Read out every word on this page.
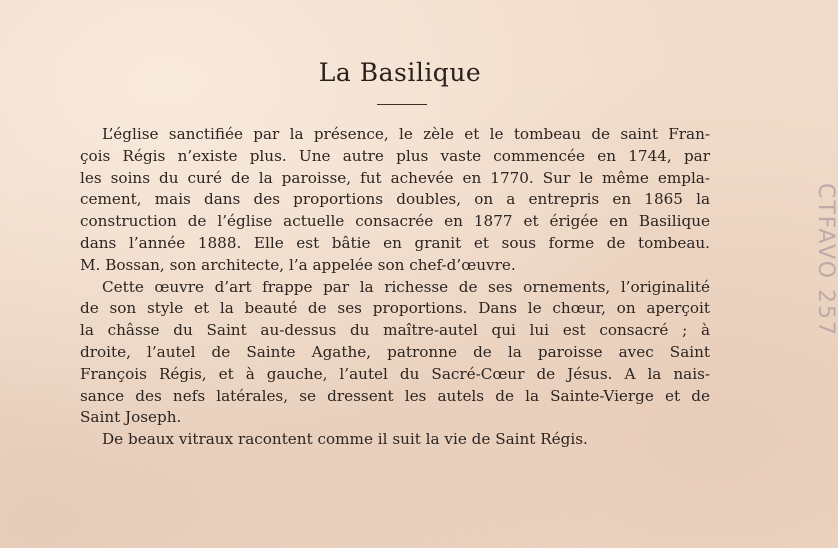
La Basilique
L’église sanctifiée par la présence, le zèle et le tombeau de saint Fran-
çois Régis n’existe plus. Une autre plus vaste commencée en 1744, par
les soins du curé de la paroisse, fut achevée en 1770. Sur le même empla-
cement, mais dans des proportions doubles, on a entrepris en 1865 la
construction de l’église actuelle consacrée en 1877 et érigée en Basilique
dans l’année 1888. Elle est bâtie en granit et sous forme de tombeau.
M. Bossan, son architecte, l’a appelée son chef-d’œuvre.
Cette œuvre d’art frappe par la richesse de ses ornements, l’originalité
de son style et la beauté de ses proportions. Dans le chœur, on aperçoit
la châsse du Saint au-dessus du maître-autel qui lui est consacré ; à
droite, l’autel de Sainte Agathe, patronne de la paroisse avec Saint
François Régis, et à gauche, l’autel du Sacré-Cœur de Jésus. A la nais-
sance des nefs latérales, se dressent les autels de la Sainte-Vierge et de
Saint Joseph.
De beaux vitraux racontent comme il suit la vie de Saint Régis.
CTFAVO 257
